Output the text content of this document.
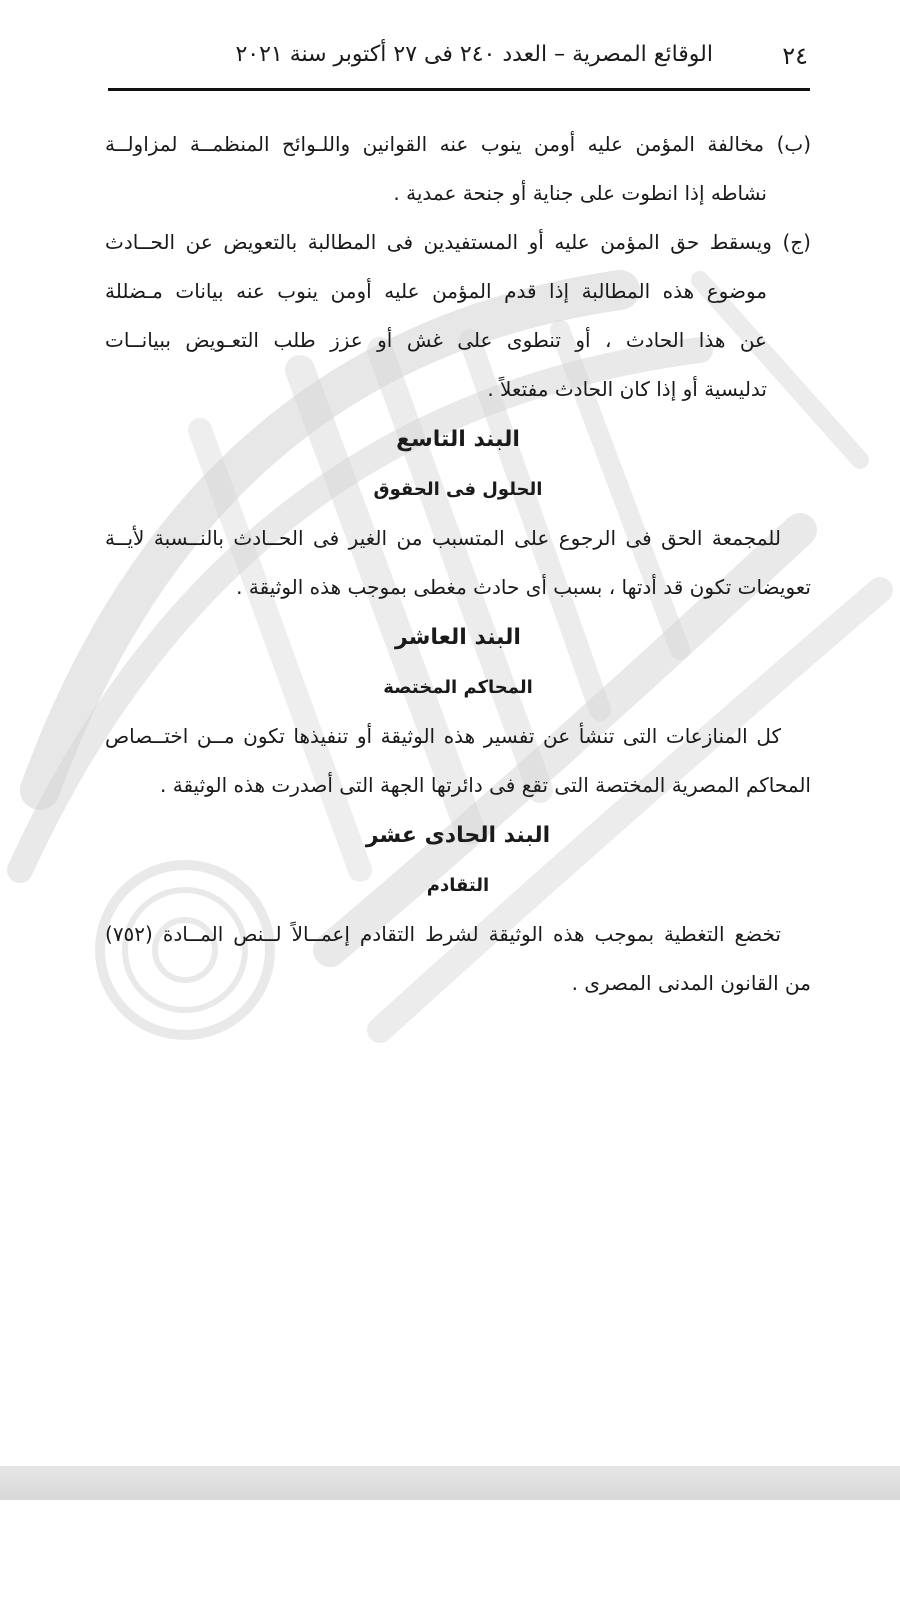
٢٤
الوقائع المصرية – العدد ٢٤٠ فى ٢٧ أكتوبر سنة ٢٠٢١
(ب) مخالفة المؤمن عليه أومن ينوب عنه القوانين واللـوائح المنظمــة لمزاولــة
نشاطه إذا انطوت على جناية أو جنحة عمدية .
(ج) ويسقط حق المؤمن عليه أو المستفيدين فى المطالبة بالتعويض عن الحــادث
موضوع هذه المطالبة إذا قدم المؤمن عليه أومن ينوب عنه بيانات مـضللة
عن هذا الحادث ، أو تنطوى على غش أو عزز طلب التعـويض ببيانــات
تدليسية أو إذا كان الحادث مفتعلاً .
البند التاسع
الحلول فى الحقوق
للمجمعة الحق فى الرجوع على المتسبب من الغير فى الحــادث بالنــسبة لأيــة
تعويضات تكون قد أدتها ، بسبب أى حادث مغطى بموجب هذه الوثيقة .
البند العاشر
المحاكم المختصة
كل المنازعات التى تنشأ عن تفسير هذه الوثيقة أو تنفيذها تكون مــن اختــصاص
المحاكم المصرية المختصة التى تقع فى دائرتها الجهة التى أصدرت هذه الوثيقة .
البند الحادى عشر
التقادم
تخضع التغطية بموجب هذه الوثيقة لشرط التقادم إعمــالاً لــنص المــادة (٧٥٢)
من القانون المدنى المصرى .
